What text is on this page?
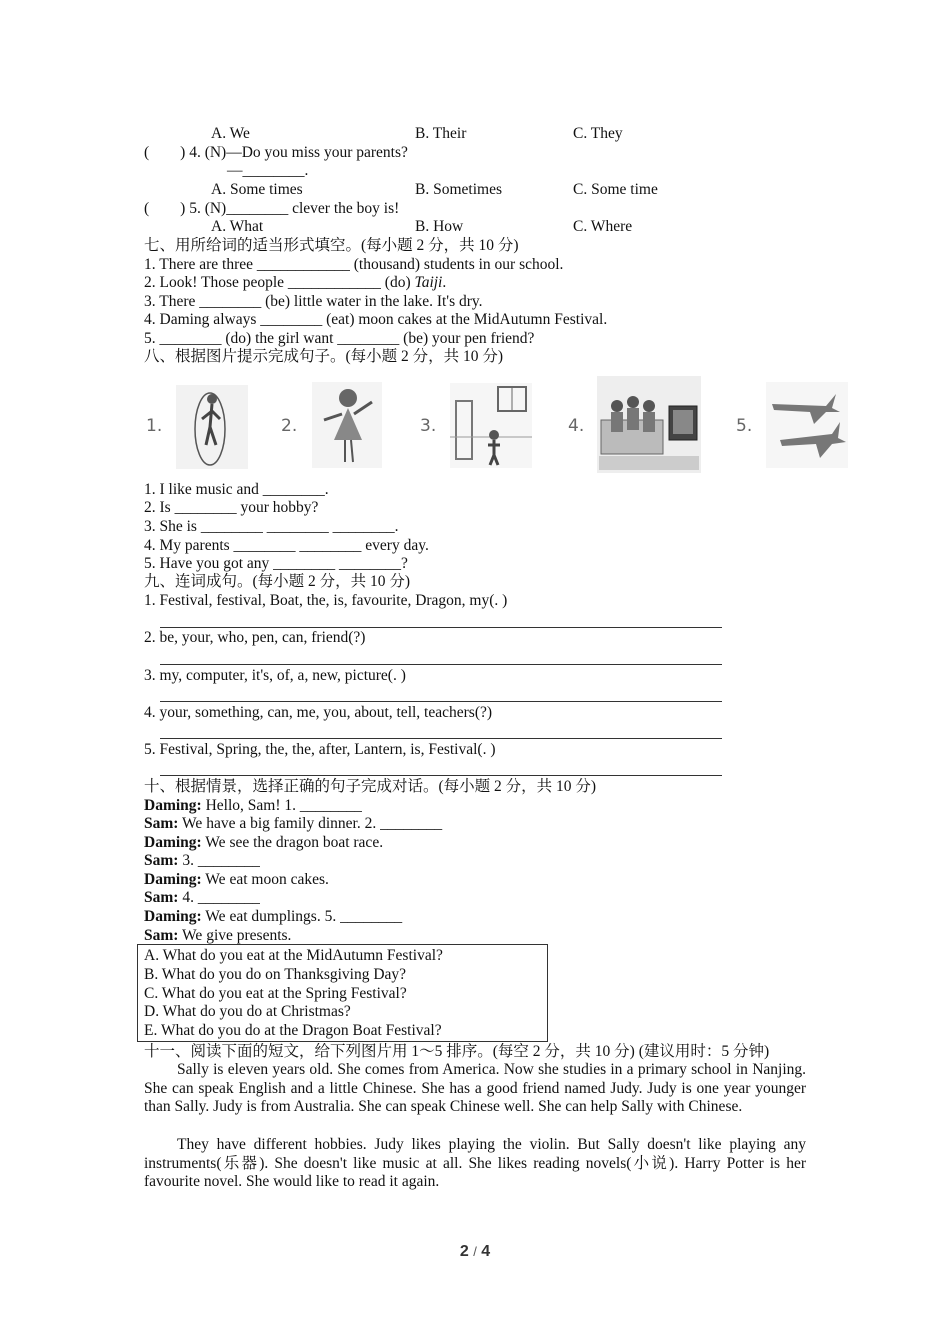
A. We	B. Their	C. They
(  ) 4. (N)—Do you miss your parents?
—________.
A. Some times	B. Sometimes	C. Some time
(  ) 5. (N)________ clever the boy is!
A. What	B. How	C. Where
七、用所给词的适当形式填空。(每小题 2 分，共 10 分)
1. There are three ____________ (thousand) students in our school.
2. Look! Those people ____________ (do) Taiji.
3. There ________ (be) little water in the lake. It's dry.
4. Daming always ________ (eat) moon cakes at the MidAutumn Festival.
5. ________ (do) the girl want ________ (be) your pen friend?
八、根据图片提示完成句子。(每小题 2 分，共 10 分)
1.	2.	3.	4.	5.
1. I like music and ________.
2. Is ________ your hobby?
3. She is ________ ________ ________.
4. My parents ________ ________ every day.
5. Have you got any ________ ________?
九、连词成句。(每小题 2 分，共 10 分)
1. Festival, festival, Boat, the, is, favourite, Dragon, my(. )
2. be, your, who, pen, can, friend(?)
3. my, computer, it's, of, a, new, picture(. )
4. your, something, can, me, you, about, tell, teachers(?)
5. Festival, Spring, the, the, after, Lantern, is, Festival(. )
十、根据情景，选择正确的句子完成对话。(每小题 2 分，共 10 分)
Daming: Hello, Sam! 1. ________
Sam: We have a big family dinner. 2. ________
Daming: We see the dragon boat race.
Sam: 3. ________
Daming: We eat moon cakes.
Sam: 4. ________
Daming: We eat dumplings. 5. ________
Sam: We give presents.
A. What do you eat at the MidAutumn Festival?
B. What do you do on Thanksgiving Day?
C. What do you eat at the Spring Festival?
D. What do you do at Christmas?
E. What do you do at the Dragon Boat Festival?
十一、阅读下面的短文，给下列图片用 1～5 排序。(每空 2 分，共 10 分) (建议用时：5 分钟)
Sally is eleven years old. She comes from America. Now she studies in a primary school in Nanjing. She can speak English and a little Chinese. She has a good friend named Judy. Judy is one year younger than Sally. Judy is from Australia. She can speak Chinese well. She can help Sally with Chinese.
They have different hobbies. Judy likes playing the violin. But Sally doesn't like playing any instruments(乐器). She doesn't like music at all. She likes reading novels(小说). Harry Potter is her favourite novel. She would like to read it again.
2 / 4
